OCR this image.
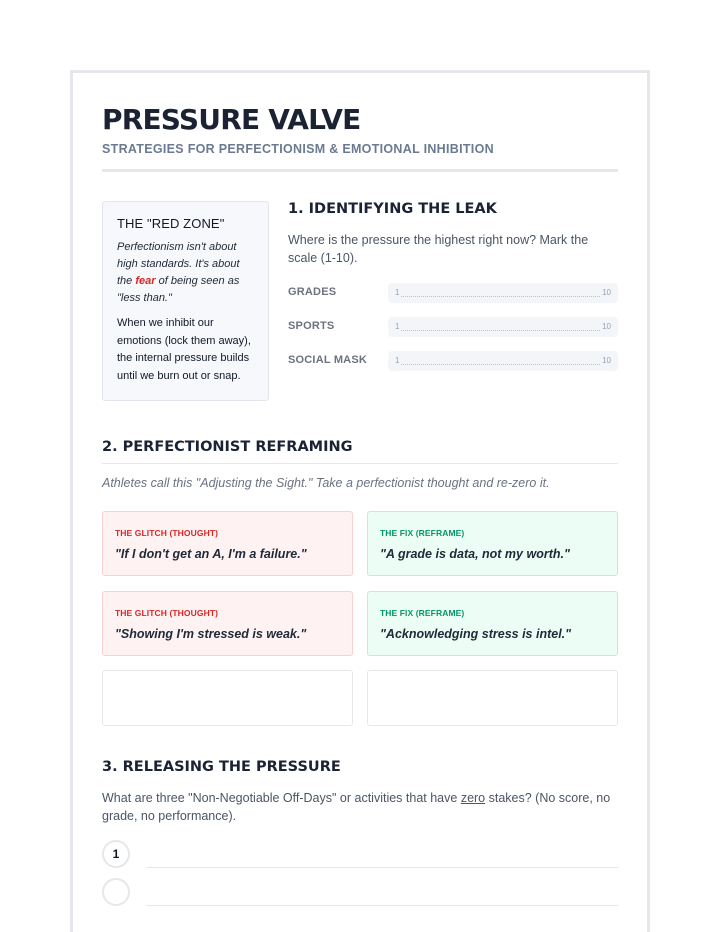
PRESSURE VALVE
STRATEGIES FOR PERFECTIONISM & EMOTIONAL INHIBITION
THE "RED ZONE"

Perfectionism isn't about high standards. It's about the fear of being seen as "less than."

When we inhibit our emotions (lock them away), the internal pressure builds until we burn out or snap.

1. IDENTIFYING THE LEAK
Where is the pressure the highest right now? Mark the scale (1-10).
GRADES	1	10
SPORTS	1	10
SOCIAL MASK	1	10
2. PERFECTIONIST REFRAMING
Athletes call this "Adjusting the Sight." Take a perfectionist thought and re-zero it.
THE GLITCH (THOUGHT)
"If I don't get an A, I'm a failure."
THE FIX (REFRAME)
"A grade is data, not my worth."
THE GLITCH (THOUGHT)
"Showing I'm stressed is weak."
THE FIX (REFRAME)
"Acknowledging stress is intel."
3. RELEASING THE PRESSURE
What are three "Non-Negotiable Off-Days" or activities that have zero stakes? (No score, no grade, no performance).
1
